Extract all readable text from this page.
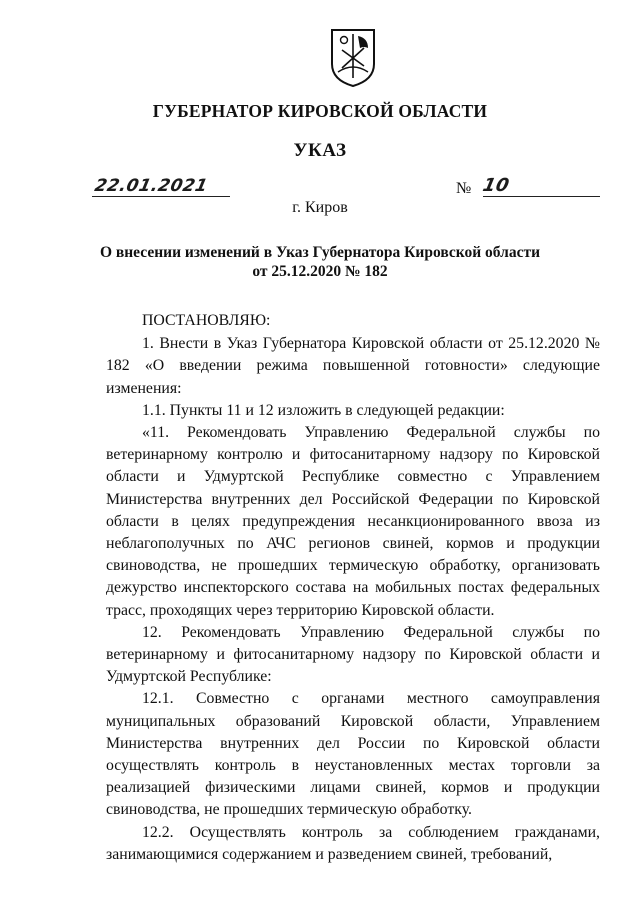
ГУБЕРНАТОР КИРОВСКОЙ ОБЛАСТИ
УКАЗ
22.01.2021	№ 10
г. Киров
О внесении изменений в Указ Губернатора Кировской области
от 25.12.2020 № 182

ПОСТАНОВЛЯЮ:

1. Внести в Указ Губернатора Кировской области от 25.12.2020 № 182 «О введении режима повышенной готовности» следующие изменения:

1.1. Пункты 11 и 12 изложить в следующей редакции:

«11. Рекомендовать Управлению Федеральной службы по ветеринарному контролю и фитосанитарному надзору по Кировской области и Удмуртской Республике совместно с Управлением Министерства внутренних дел Российской Федерации по Кировской области в целях предупреждения несанкционированного ввоза из неблагополучных по АЧС регионов свиней, кормов и продукции свиноводства, не прошедших термическую обработку, организовать дежурство инспекторского состава на мобильных постах федеральных трасс, проходящих через территорию Кировской области.

12. Рекомендовать Управлению Федеральной службы по ветеринарному и фитосанитарному надзору по Кировской области и Удмуртской Республике:

12.1. Совместно с органами местного самоуправления муниципальных образований Кировской области, Управлением Министерства внутренних дел России по Кировской области осуществлять контроль в неустановленных местах торговли за реализацией физическими лицами свиней, кормов и продукции свиноводства, не прошедших термическую обработку.

12.2. Осуществлять контроль за соблюдением гражданами, занимающимися содержанием и разведением свиней, требований,
